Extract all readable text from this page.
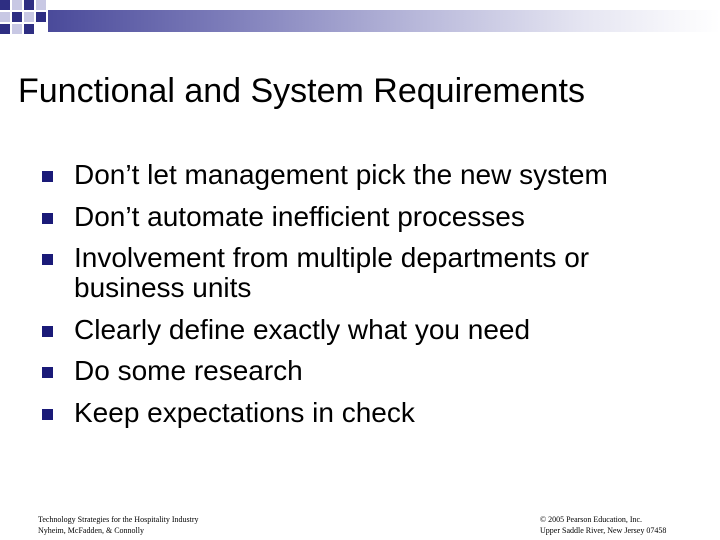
Functional and System Requirements
Don’t let management pick the new system
Don’t automate inefficient processes
Involvement from multiple departments or business units
Clearly define exactly what you need
Do some research
Keep expectations in check
Technology Strategies for the Hospitality Industry
Nyheim, McFadden, & Connolly
© 2005 Pearson Education, Inc.
Upper Saddle River, New Jersey 07458
